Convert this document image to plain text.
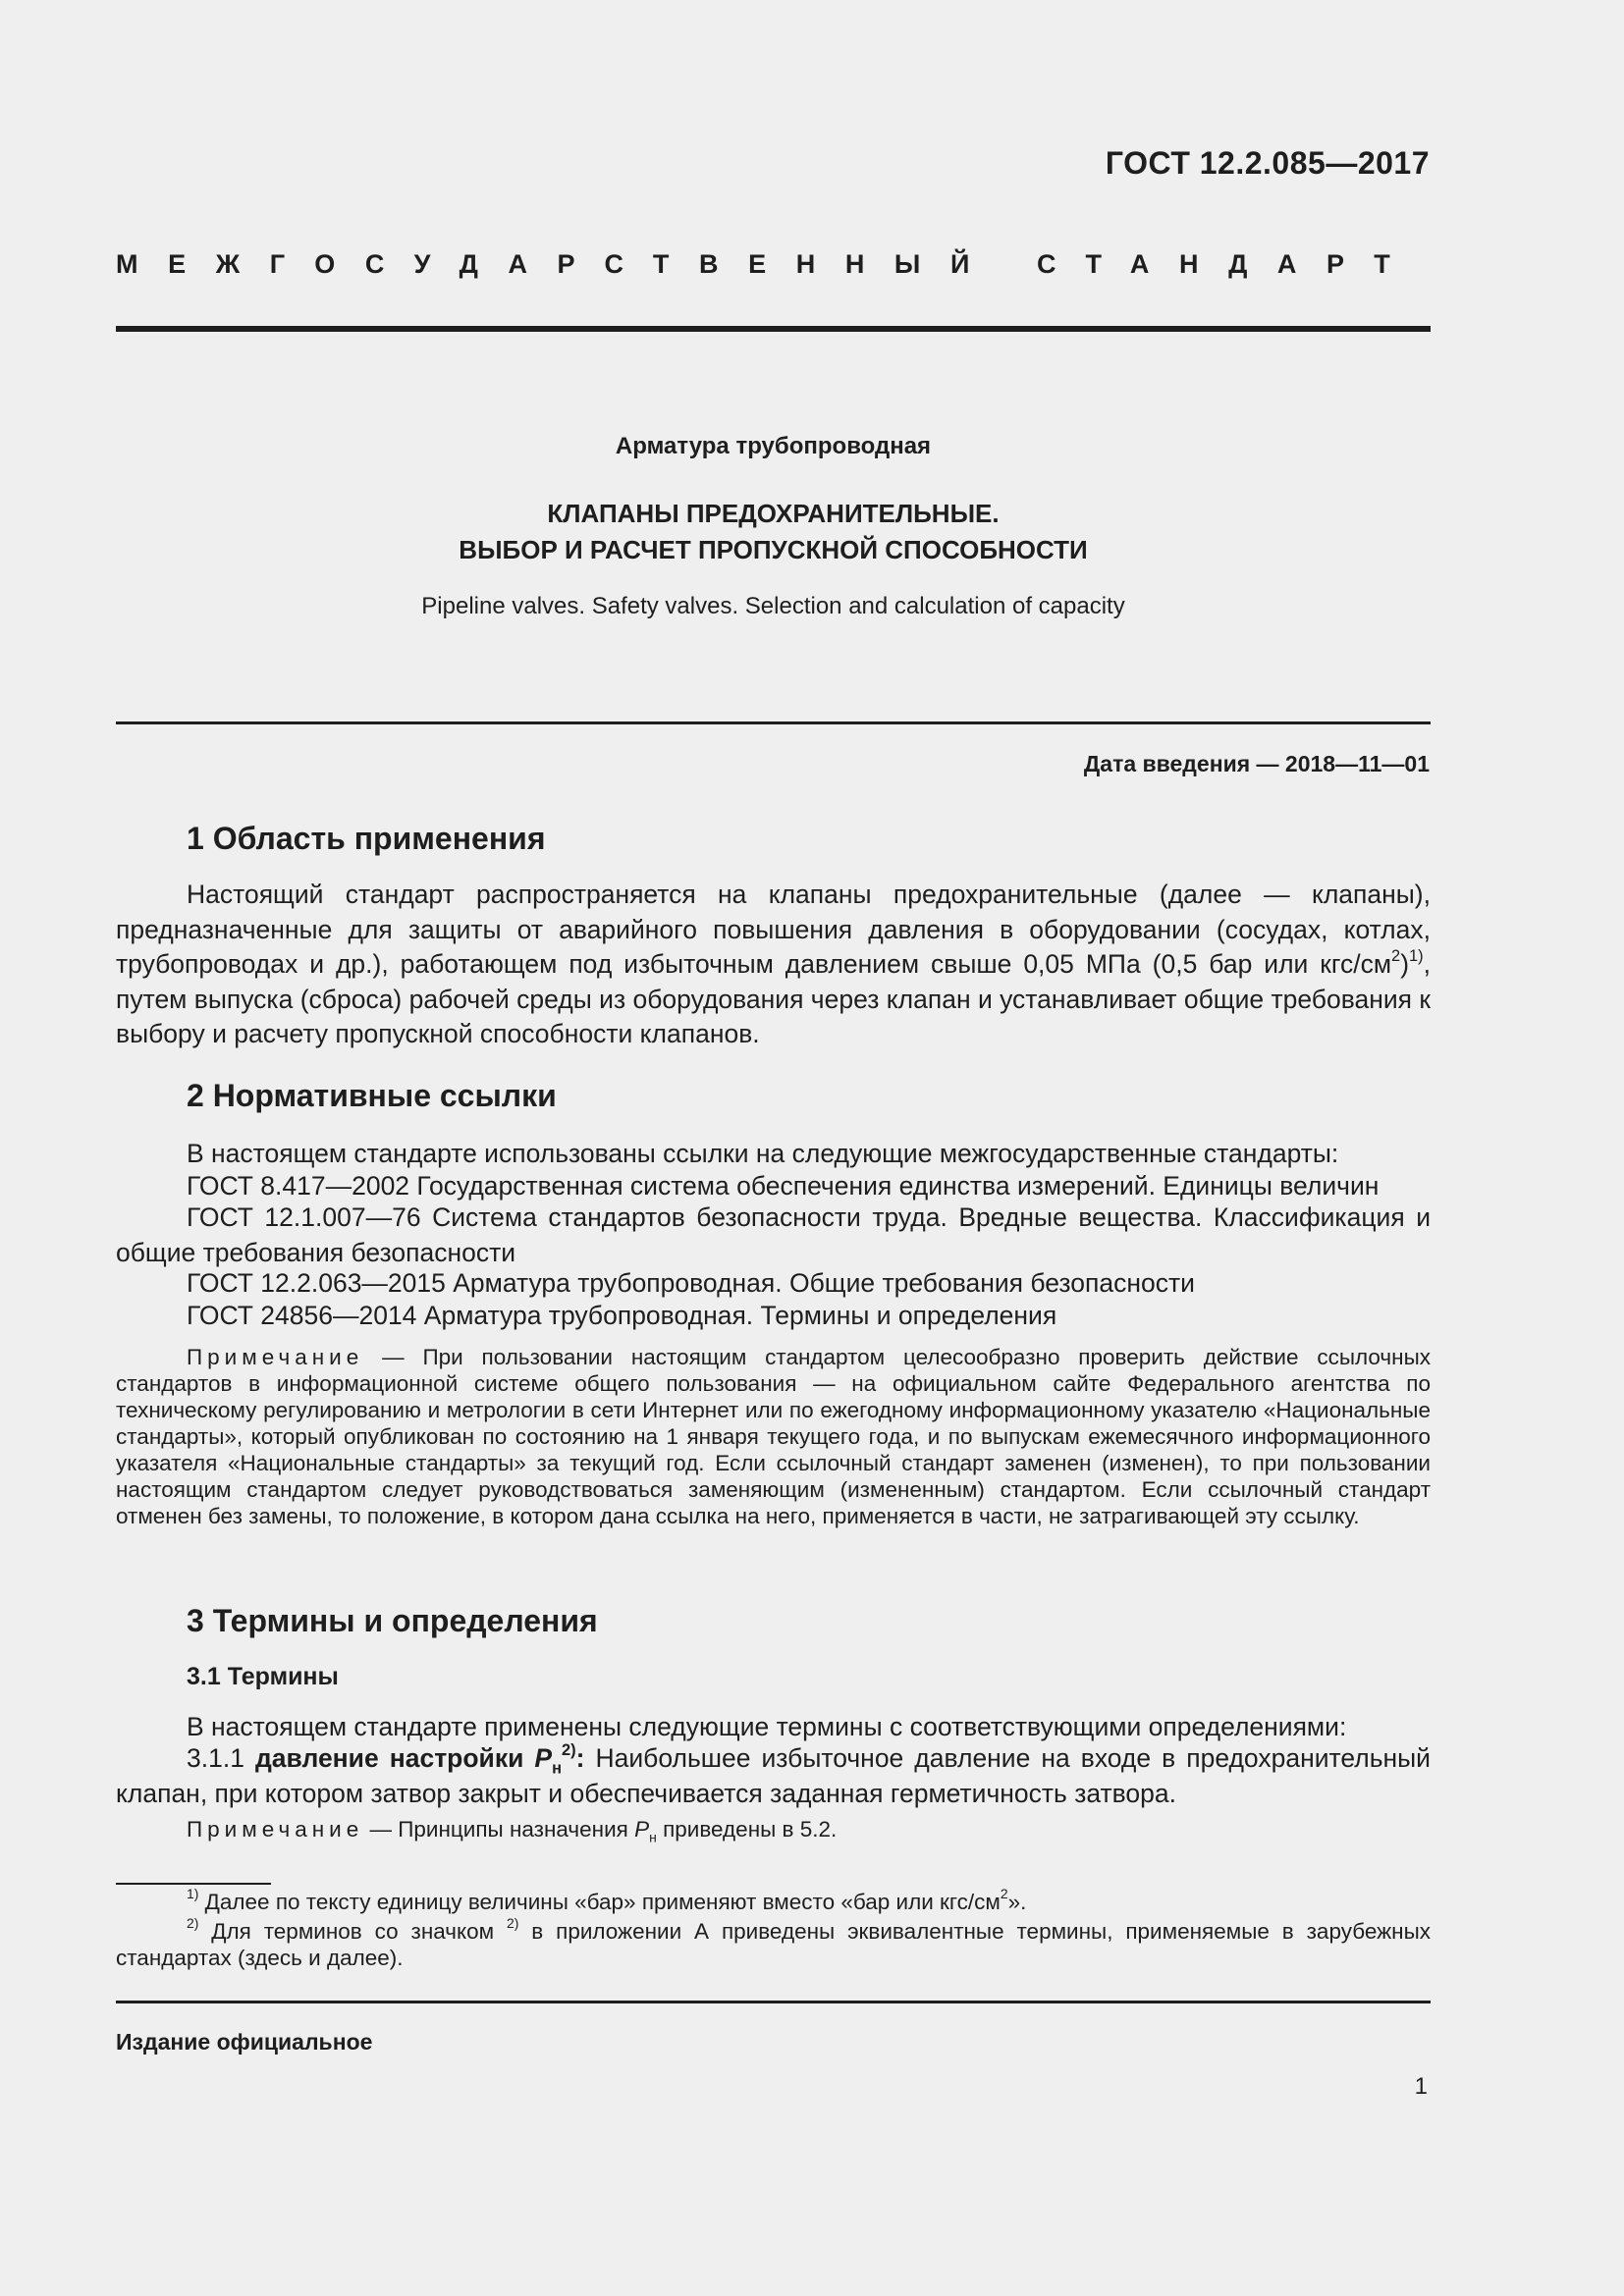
ГОСТ 12.2.085—2017
МЕЖГОСУДАРСТВЕННЫЙ СТАНДАРТ
Арматура трубопроводная
КЛАПАНЫ ПРЕДОХРАНИТЕЛЬНЫЕ.
ВЫБОР И РАСЧЕТ ПРОПУСКНОЙ СПОСОБНОСТИ
Pipeline valves. Safety valves. Selection and calculation of capacity
Дата введения — 2018—11—01
1 Область применения
Настоящий стандарт распространяется на клапаны предохранительные (далее — клапаны), предназначенные для защиты от аварийного повышения давления в оборудовании (сосудах, котлах, трубопроводах и др.), работающем под избыточным давлением свыше 0,05 МПа (0,5 бар или кгс/$см^2)^{1)}$, путем выпуска (сброса) рабочей среды из оборудования через клапан и устанавливает общие требования к выбору и расчету пропускной способности клапанов.
2 Нормативные ссылки
В настоящем стандарте использованы ссылки на следующие межгосударственные стандарты:
ГОСТ 8.417—2002 Государственная система обеспечения единства измерений. Единицы величин
ГОСТ 12.1.007—76 Система стандартов безопасности труда. Вредные вещества. Классификация и общие требования безопасности
ГОСТ 12.2.063—2015 Арматура трубопроводная. Общие требования безопасности
ГОСТ 24856—2014 Арматура трубопроводная. Термины и определения
Примечание — При пользовании настоящим стандартом целесообразно проверить действие ссылочных стандартов в информационной системе общего пользования — на официальном сайте Федерального агентства по техническому регулированию и метрологии в сети Интернет или по ежегодному информационному указателю «Национальные стандарты», который опубликован по состоянию на 1 января текущего года, и по выпускам ежемесячного информационного указателя «Национальные стандарты» за текущий год. Если ссылочный стандарт заменен (изменен), то при пользовании настоящим стандартом следует руководствоваться заменяющим (измененным) стандартом. Если ссылочный стандарт отменен без замены, то положение, в котором дана ссылка на него, применяется в части, не затрагивающей эту ссылку.
3 Термины и определения
3.1 Термины
В настоящем стандарте применены следующие термины с соответствующими определениями:
3.1.1 давление настройки $P_н^{2)}$: Наибольшее избыточное давление на входе в предохранительный клапан, при котором затвор закрыт и обеспечивается заданная герметичность затвора.
Примечание — Принципы назначения $P_н$ приведены в 5.2.
$^{1)}$ Далее по тексту единицу величины «бар» применяют вместо «бар или кгс/$см^2$».
$^{2)}$ Для терминов со значком $^{2)}$ в приложении А приведены эквивалентные термины, применяемые в зарубежных стандартах (здесь и далее).
Издание официальное
1
